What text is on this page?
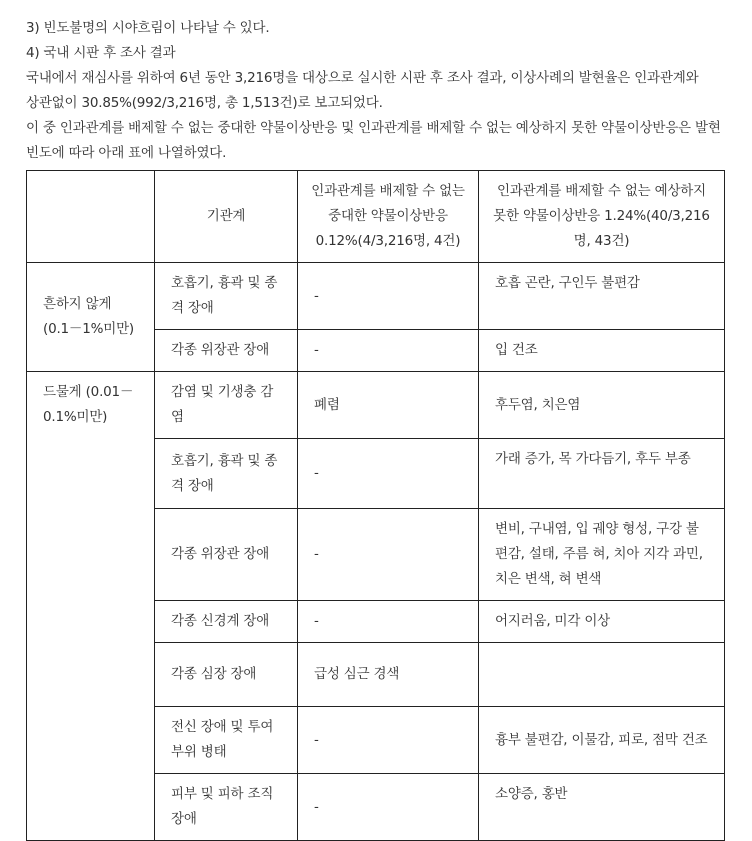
3) 빈도불명의 시야흐림이 나타날 수 있다.

4) 국내 시판 후 조사 결과

국내에서 재심사를 위하여 6년 동안 3,216명을 대상으로 실시한 시판 후 조사 결과, 이상사례의 발현율은 인과관계와

상관없이 30.85%(992/3,216명, 총 1,513건)로 보고되었다.

이 중 인과관계를 배제할 수 없는 중대한 약물이상반응 및 인과관계를 배제할 수 없는 예상하지 못한 약물이상반응은 발현 빈도에 따라 아래 표에 나열하였다.

	기관계	인과관계를 배제할 수 없는 중대한 약물이상반응 0.12%(4/3,216명, 4건)	인과관계를 배제할 수 없는 예상하지 못한 약물이상반응 1.24%(40/3,216명, 43건)
흔하지 않게 (0.1－1%미만)	호흡기, 흉곽 및 종격 장애	-	호흡 곤란, 구인두 불편감
	각종 위장관 장애	-	입 건조
드물게 (0.01－0.1%미만)	감염 및 기생충 감염	폐렴	후두염, 치은염
	호흡기, 흉곽 및 종격 장애	-	가래 증가, 목 가다듬기, 후두 부종
	각종 위장관 장애	-	변비, 구내염, 입 궤양 형성, 구강 불편감, 설태, 주름 혀, 치아 지각 과민, 치은 변색, 혀 변색
	각종 신경계 장애	-	어지러움, 미각 이상
	각종 심장 장애	급성 심근 경색	
	전신 장애 및 투여 부위 병태	-	흉부 불편감, 이물감, 피로, 점막 건조
	피부 및 피하 조직 장애	-	소양증, 홍반
